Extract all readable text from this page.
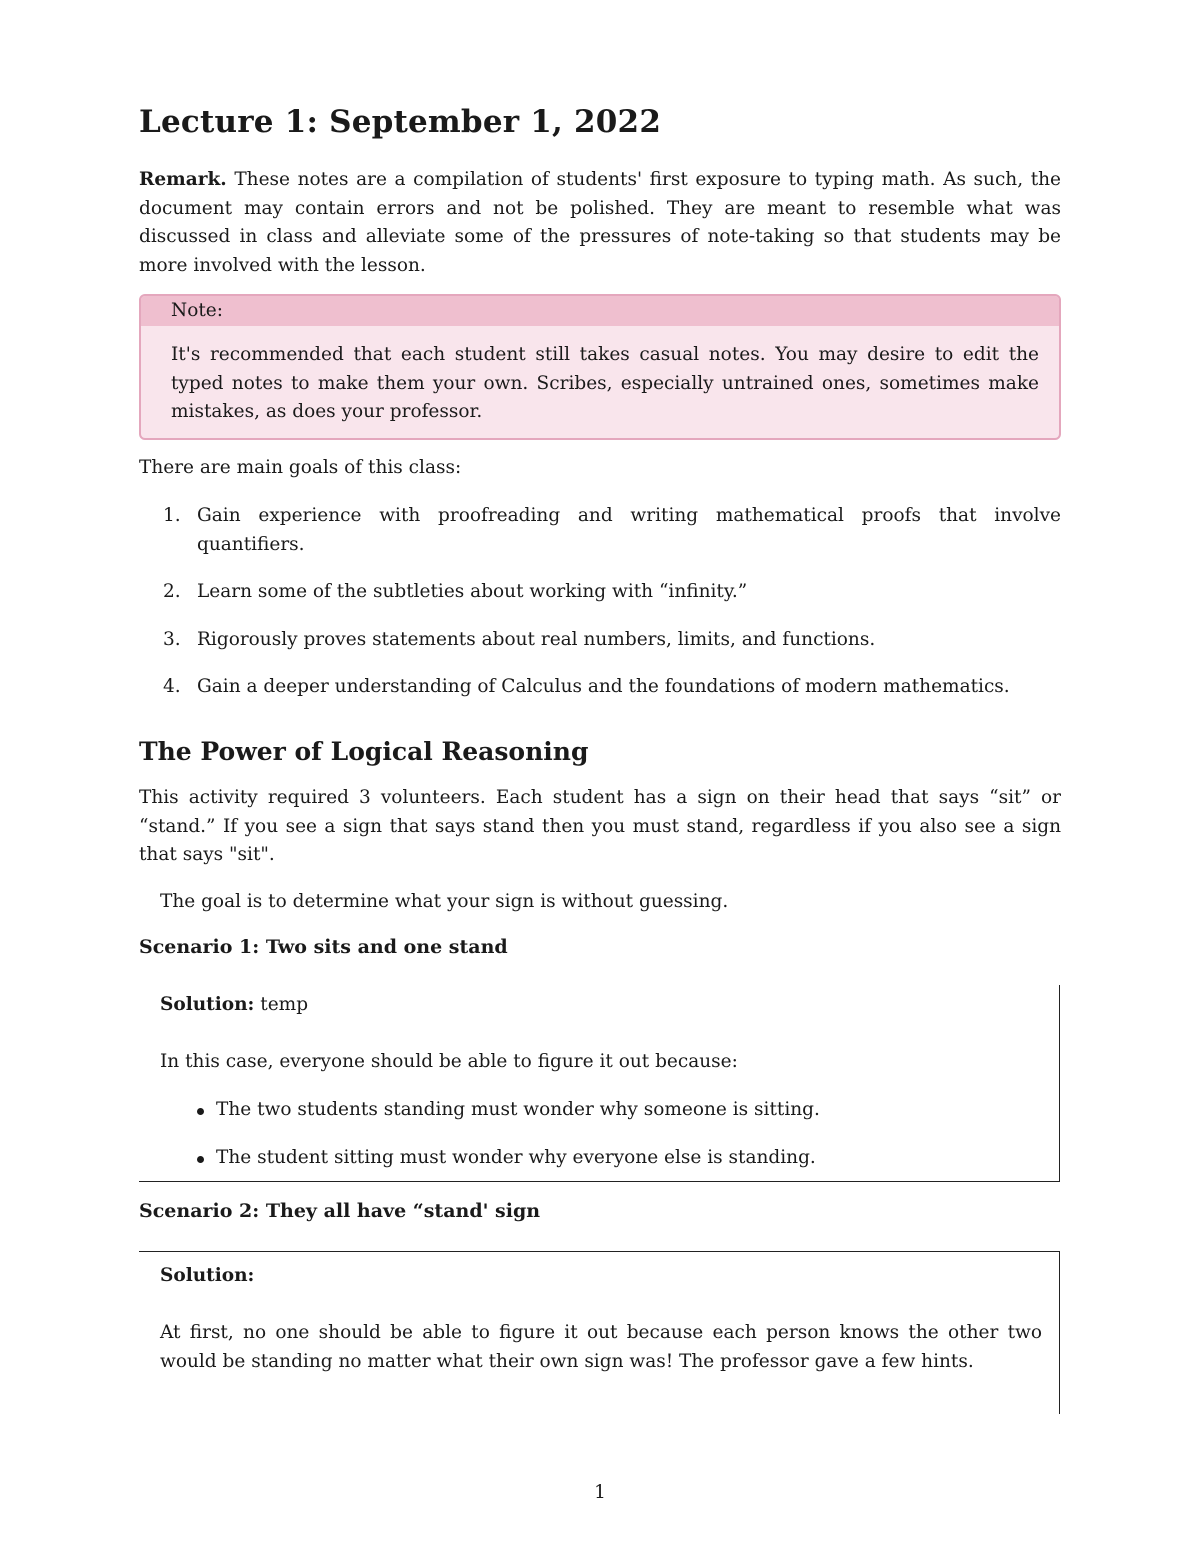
Lecture 1: September 1, 2022

Remark. These notes are a compilation of students' first exposure to typing math. As such, the document may contain errors and not be polished. They are meant to resemble what was discussed in class and alleviate some of the pressures of note-taking so that students may be more involved with the lesson.

Note:
It's recommended that each student still takes casual notes. You may desire to edit the typed notes to make them your own. Scribes, especially untrained ones, sometimes make mistakes, as does your professor.

There are main goals of this class:

1. Gain experience with proofreading and writing mathematical proofs that involve quantifiers.
2. Learn some of the subtleties about working with “infinity.”
3. Rigorously proves statements about real numbers, limits, and functions.
4. Gain a deeper understanding of Calculus and the foundations of modern mathematics.
The Power of Logical Reasoning

This activity required 3 volunteers. Each student has a sign on their head that says “sit” or “stand.” If you see a sign that says stand then you must stand, regardless if you also see a sign that says "sit".

The goal is to determine what your sign is without guessing.

Scenario 1: Two sits and one stand
Solution: temp
In this case, everyone should be able to figure it out because:
The two students standing must wonder why someone is sitting.
The student sitting must wonder why everyone else is standing.
Scenario 2: They all have “stand' sign
Solution:
At first, no one should be able to figure it out because each person knows the other two would be standing no matter what their own sign was! The professor gave a few hints.
1
